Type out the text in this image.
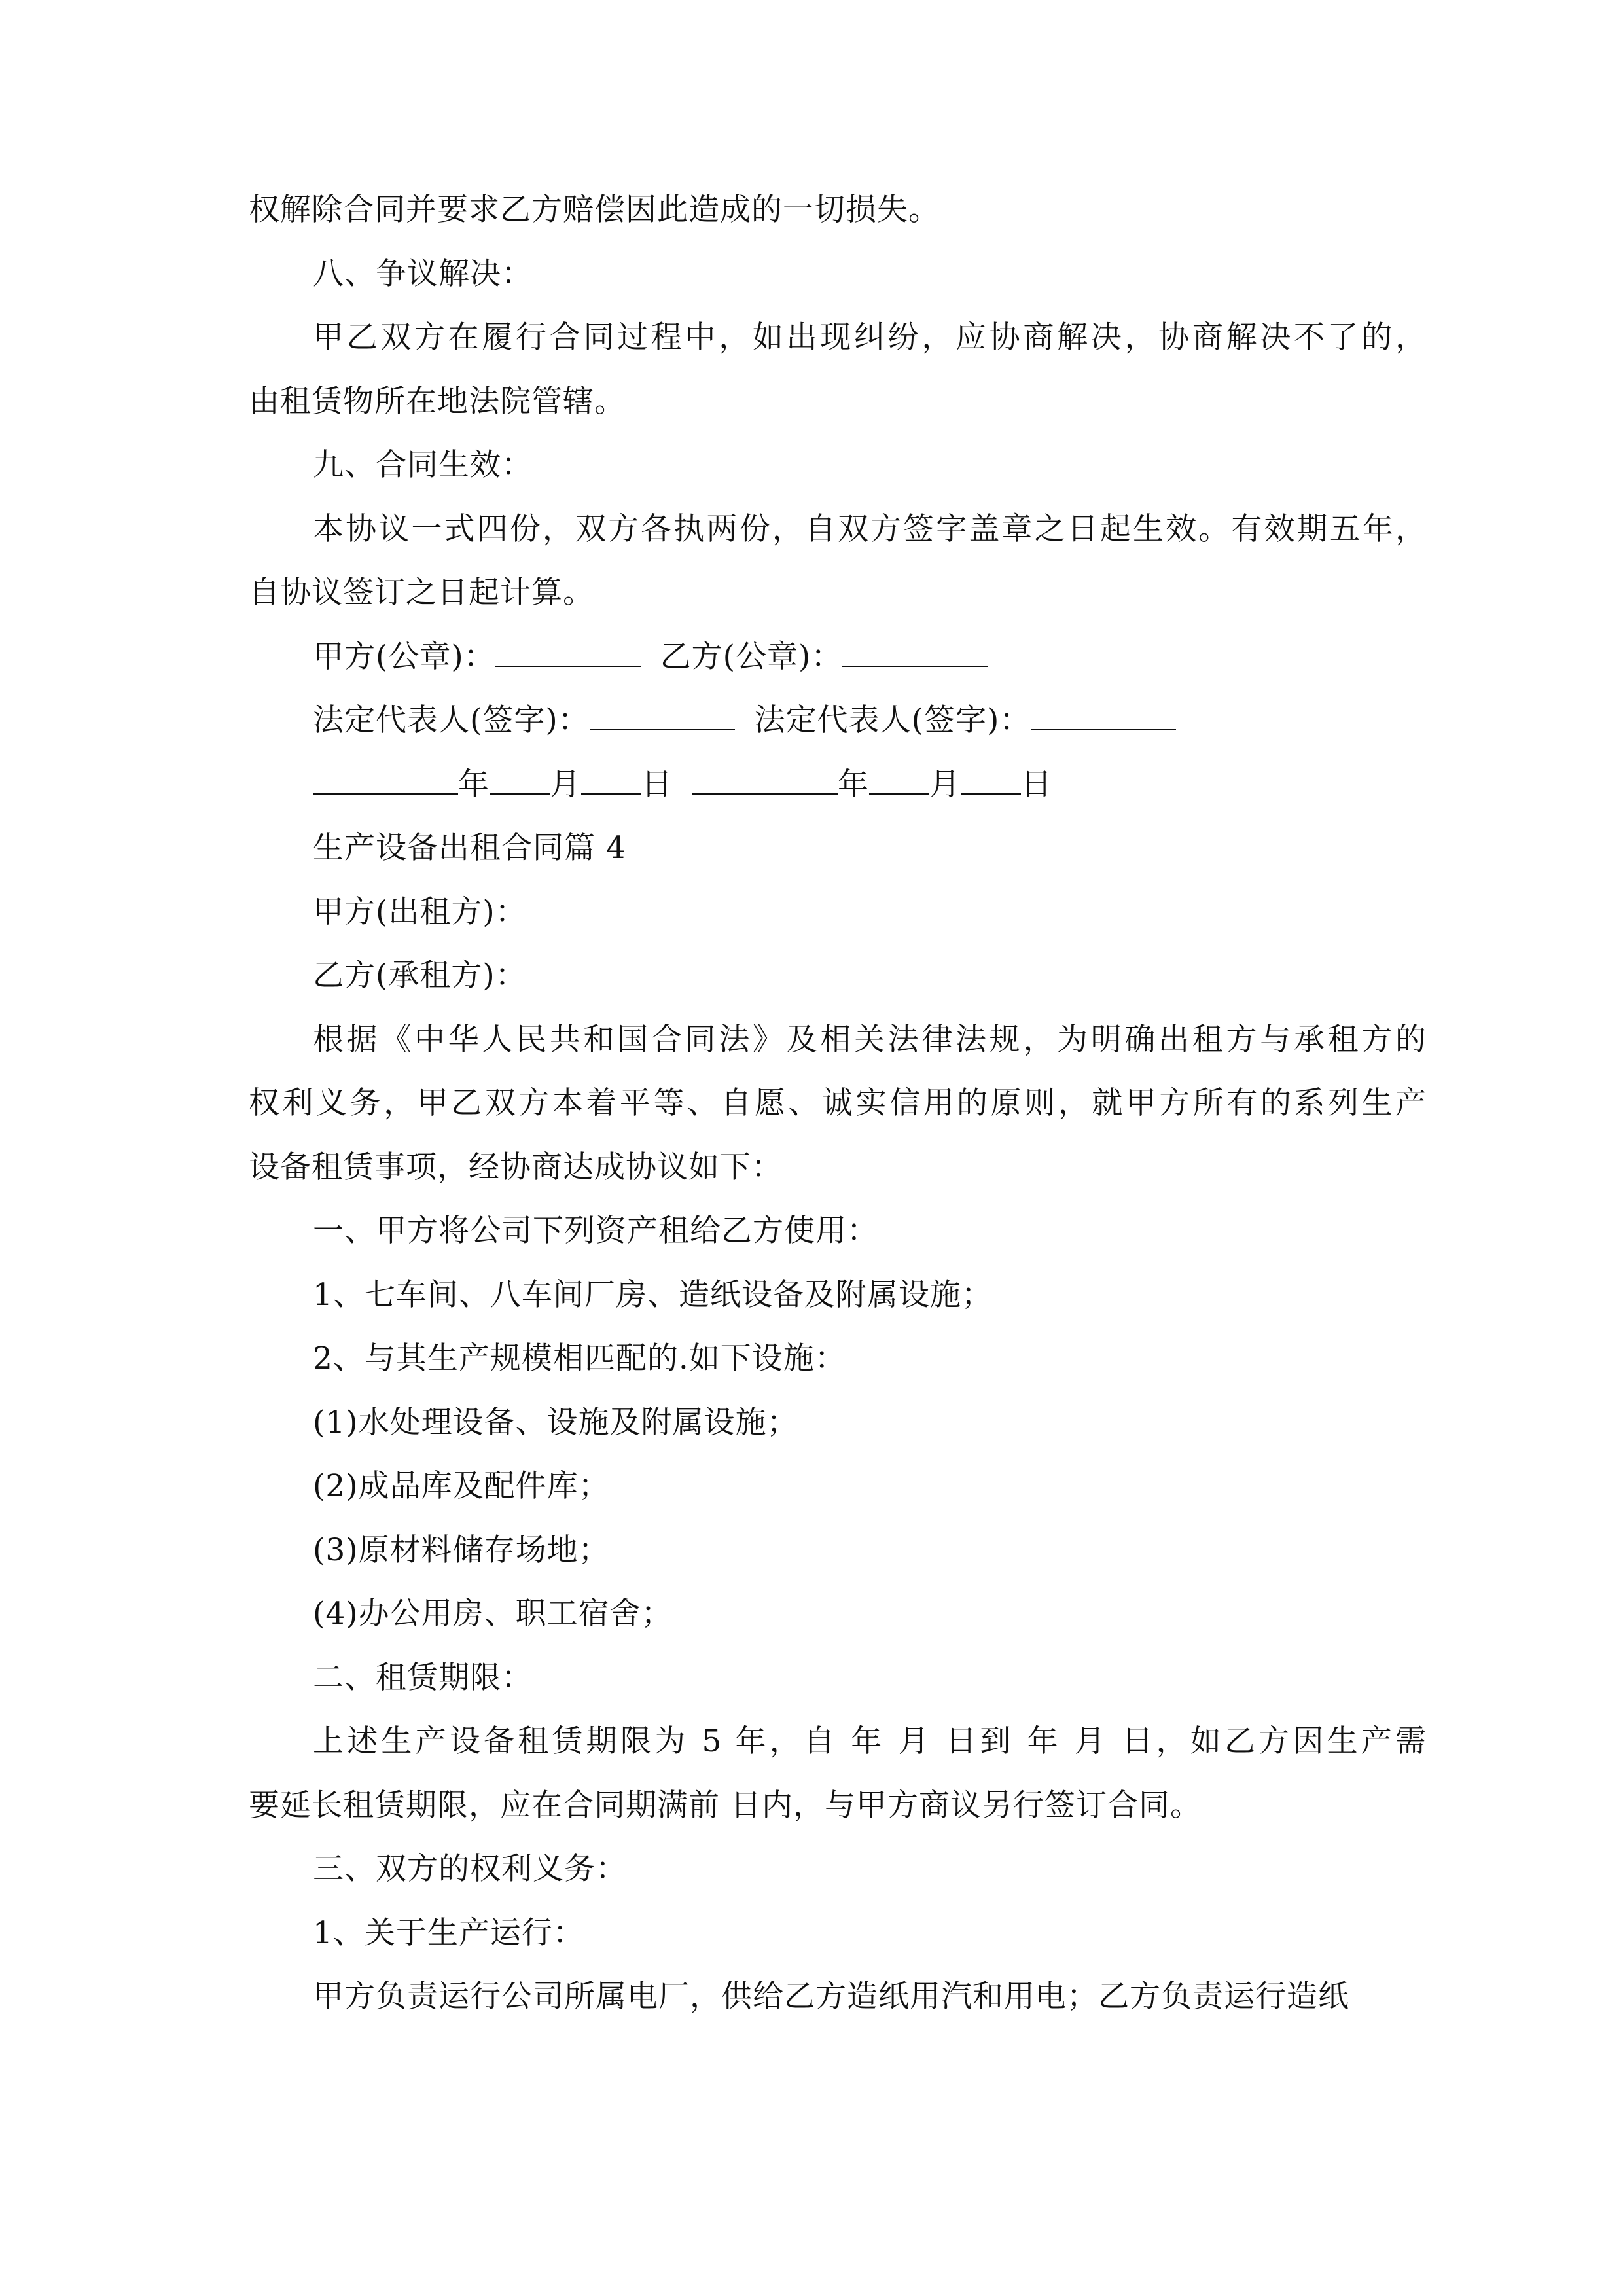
权解除合同并要求乙方赔偿因此造成的一切损失。

八、争议解决：

甲乙双方在履行合同过程中，如出现纠纷，应协商解决，协商解决不了的，

由租赁物所在地法院管辖。

九、合同生效：

本协议一式四份，双方各执两份，自双方签字盖章之日起生效。有效期五年，

自协议签订之日起计算。

甲方(公章)：	乙方(公章)：

法定代表人(签字)：	法定代表人(签字)：

年 月 日	年 月 日

生产设备出租合同篇 4

甲方(出租方)：

乙方(承租方)：

根据《中华人民共和国合同法》及相关法律法规，为明确出租方与承租方的

权利义务，甲乙双方本着平等、自愿、诚实信用的原则，就甲方所有的系列生产

设备租赁事项，经协商达成协议如下：

一、甲方将公司下列资产租给乙方使用：

1、七车间、八车间厂房、造纸设备及附属设施；

2、与其生产规模相匹配的.如下设施：

(1)水处理设备、设施及附属设施；

(2)成品库及配件库；

(3)原材料储存场地；

(4)办公用房、职工宿舍；

二、租赁期限：

上述生产设备租赁期限为 5 年，自 年 月 日到 年 月 日，如乙方因生产需

要延长租赁期限，应在合同期满前 日内，与甲方商议另行签订合同。

三、双方的权利义务：

1、关于生产运行：

甲方负责运行公司所属电厂，供给乙方造纸用汽和用电；乙方负责运行造纸
